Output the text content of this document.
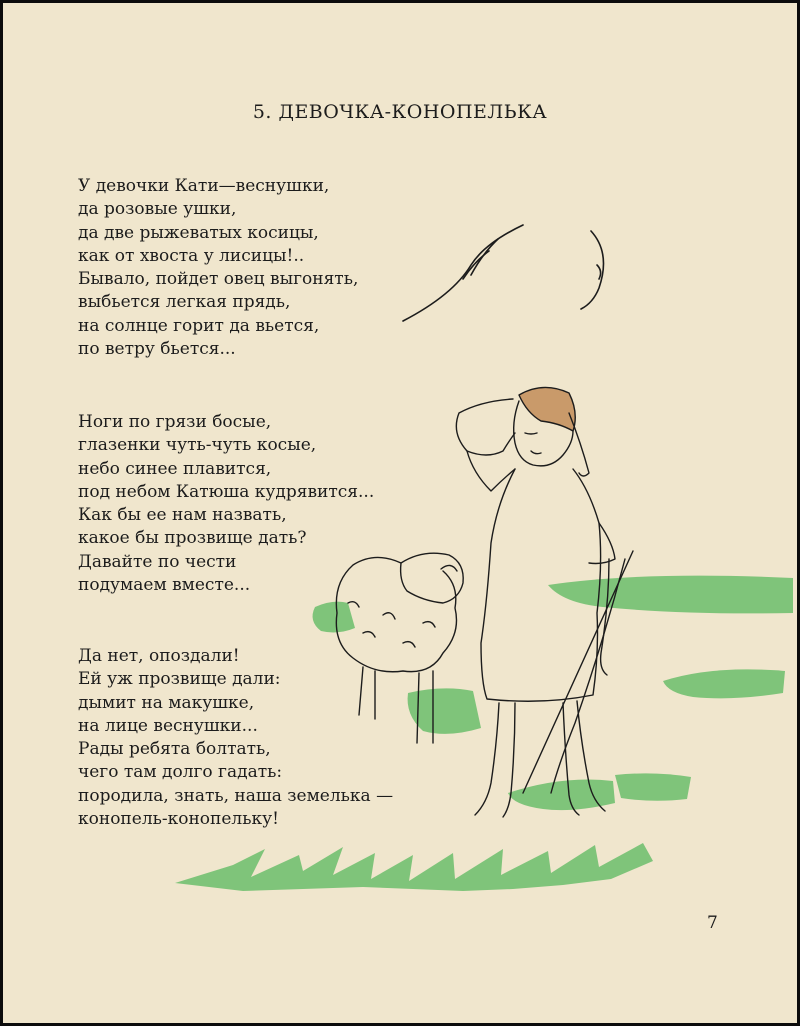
5. ДЕВОЧКА-КОНОПЕЛЬКА
У девочки Кати—веснушки,
да розовые ушки,
да две рыжеватых косицы,
как от хвоста у лисицы!..
Бывало, пойдет овец выгонять,
выбьется легкая прядь,
на солнце горит да вьется,
по ветру бьется...
Ноги по грязи босые,
глазенки чуть-чуть косые,
небо синее плавится,
под небом Катюша кудрявится...
Как бы ее нам назвать,
какое бы прозвище дать?
Давайте по чести
подумаем вместе...
Да нет, опоздали!
Ей уж прозвище дали:
дымит на макушке,
на лице веснушки...
Рады ребята болтать,
чего там долго гадать:
породила, знать, наша земелька —
конопель-конопельку!
7
